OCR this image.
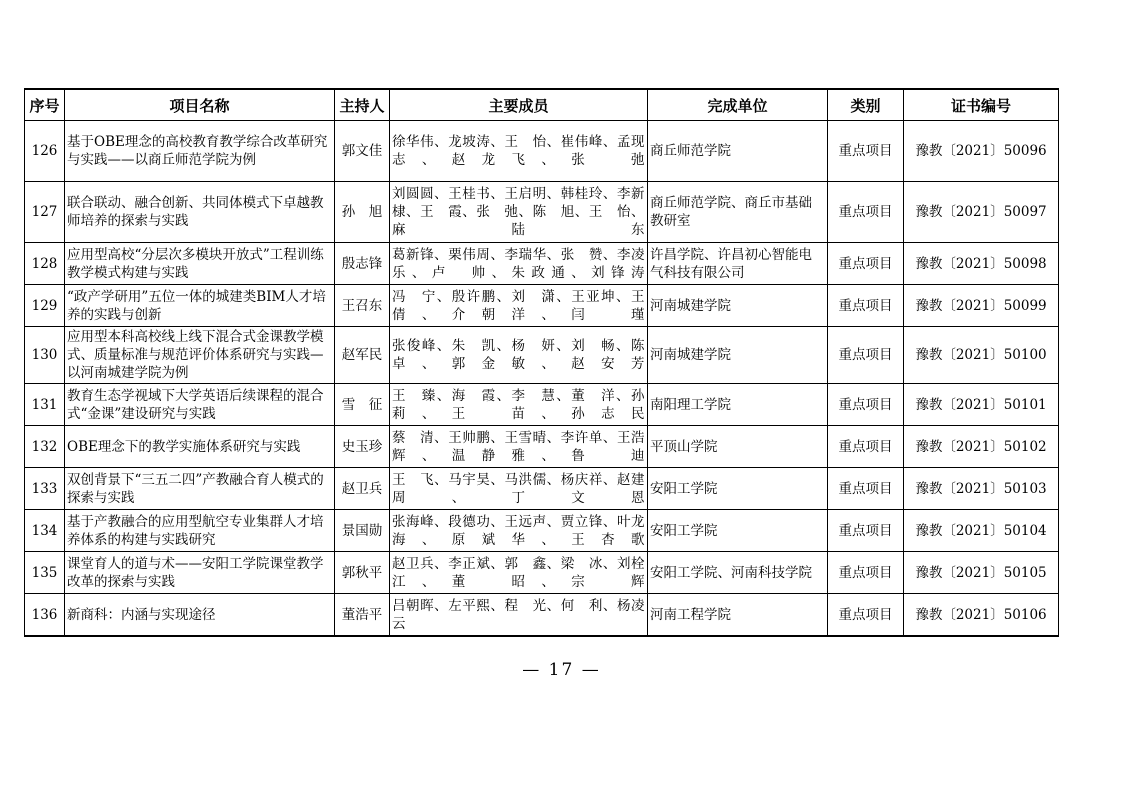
序号	项目名称	主持人	主要成员	完成单位	类别	证书编号
126	基于OBE理念的高校教育教学综合改革研究与实践——以商丘师范学院为例	郭文佳	徐华伟、龙坡涛、王　怡、崔伟峰、孟现志、赵龙飞、张　弛	商丘师范学院	重点项目	豫教〔2021〕50096
127	联合联动、融合创新、共同体模式下卓越教师培养的探索与实践	孙　旭	刘圆圆、王桂书、王启明、韩桂玲、李新棣、王　霞、张　弛、陈　旭、王　怡、麻陆东	商丘师范学院、商丘市基础教研室	重点项目	豫教〔2021〕50097
128	应用型高校“分层次多模块开放式”工程训练教学模式构建与实践	殷志锋	葛新锋、栗伟周、李瑞华、张　赞、李凌乐、卢　帅、朱政通、刘锋涛	许昌学院、许昌初心智能电气科技有限公司	重点项目	豫教〔2021〕50098
129	“政产学研用”五位一体的城建类BIM人才培养的实践与创新	王召东	冯　宁、殷许鹏、刘　潇、王亚坤、王　倩、介朝洋、闫　瑾	河南城建学院	重点项目	豫教〔2021〕50099
130	应用型本科高校线上线下混合式金课教学模式、质量标准与规范评价体系研究与实践—以河南城建学院为例	赵军民	张俊峰、朱　凯、杨　妍、刘　畅、陈　卓、郭金敏、赵安芳	河南城建学院	重点项目	豫教〔2021〕50100
131	教育生态学视域下大学英语后续课程的混合式“金课”建设研究与实践	雪　征	王　臻、海　霞、李　慧、董　洋、孙　莉、王　苗、孙志民	南阳理工学院	重点项目	豫教〔2021〕50101
132	OBE理念下的教学实施体系研究与实践	史玉珍	蔡　清、王帅鹏、王雪晴、李许单、王浩辉、温静雅、鲁　迪	平顶山学院	重点项目	豫教〔2021〕50102
133	双创背景下“三五二四”产教融合育人模式的探索与实践	赵卫兵	王　飞、马宇昊、马洪儒、杨庆祥、赵建周、丁文恩	安阳工学院	重点项目	豫教〔2021〕50103
134	基于产教融合的应用型航空专业集群人才培养体系的构建与实践研究	景国勋	张海峰、段德功、王远声、贾立锋、叶龙海、原斌华、王杏歌	安阳工学院	重点项目	豫教〔2021〕50104
135	课堂育人的道与术——安阳工学院课堂教学改革的探索与实践	郭秋平	赵卫兵、李正斌、郭　鑫、梁　冰、刘栓江、董　昭、宗　辉	安阳工学院、河南科技学院	重点项目	豫教〔2021〕50105
136	新商科：内涵与实现途径	董浩平	吕朝晖、左平熙、程　光、何　利、杨凌云	河南工程学院	重点项目	豫教〔2021〕50106
— 17 —
